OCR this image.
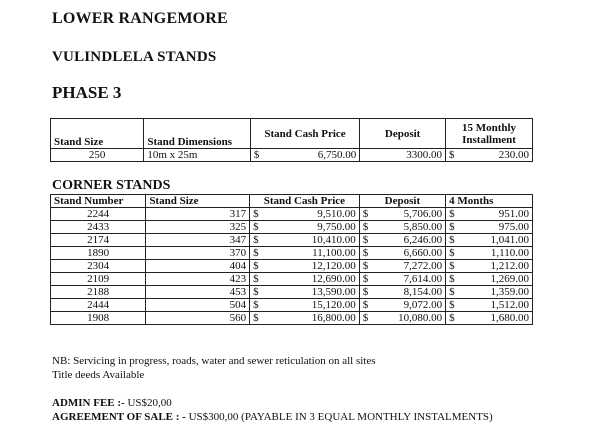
LOWER RANGEMORE
VULINDLELA STANDS
PHASE 3
Stand Size	Stand Dimensions	Stand Cash Price		Deposit	15 Monthly
Installment	
250	10m x 25m	$	6,750.00	3300.00	$	230.00
CORNER STANDS
Stand Number	Stand Size	Stand Cash Price		Deposit		4 Months	
2244	317	$	9,510.00	$	5,706.00	$	951.00
2433	325	$	9,750.00	$	5,850.00	$	975.00
2174	347	$	10,410.00	$	6,246.00	$	1,041.00
1890	370	$	11,100.00	$	6,660.00	$	1,110.00
2304	404	$	12,120.00	$	7,272.00	$	1,212.00
2109	423	$	12,690.00	$	7,614.00	$	1,269.00
2188	453	$	13,590.00	$	8,154.00	$	1,359.00
2444	504	$	15,120.00	$	9,072.00	$	1,512.00
1908	560	$	16,800.00	$	10,080.00	$	1,680.00
NB: Servicing in progress, roads, water and sewer reticulation on all sites
Title deeds Available
ADMIN FEE :- US$20,00
AGREEMENT OF SALE : - US$300,00 (PAYABLE IN 3 EQUAL MONTHLY INSTALMENTS)
